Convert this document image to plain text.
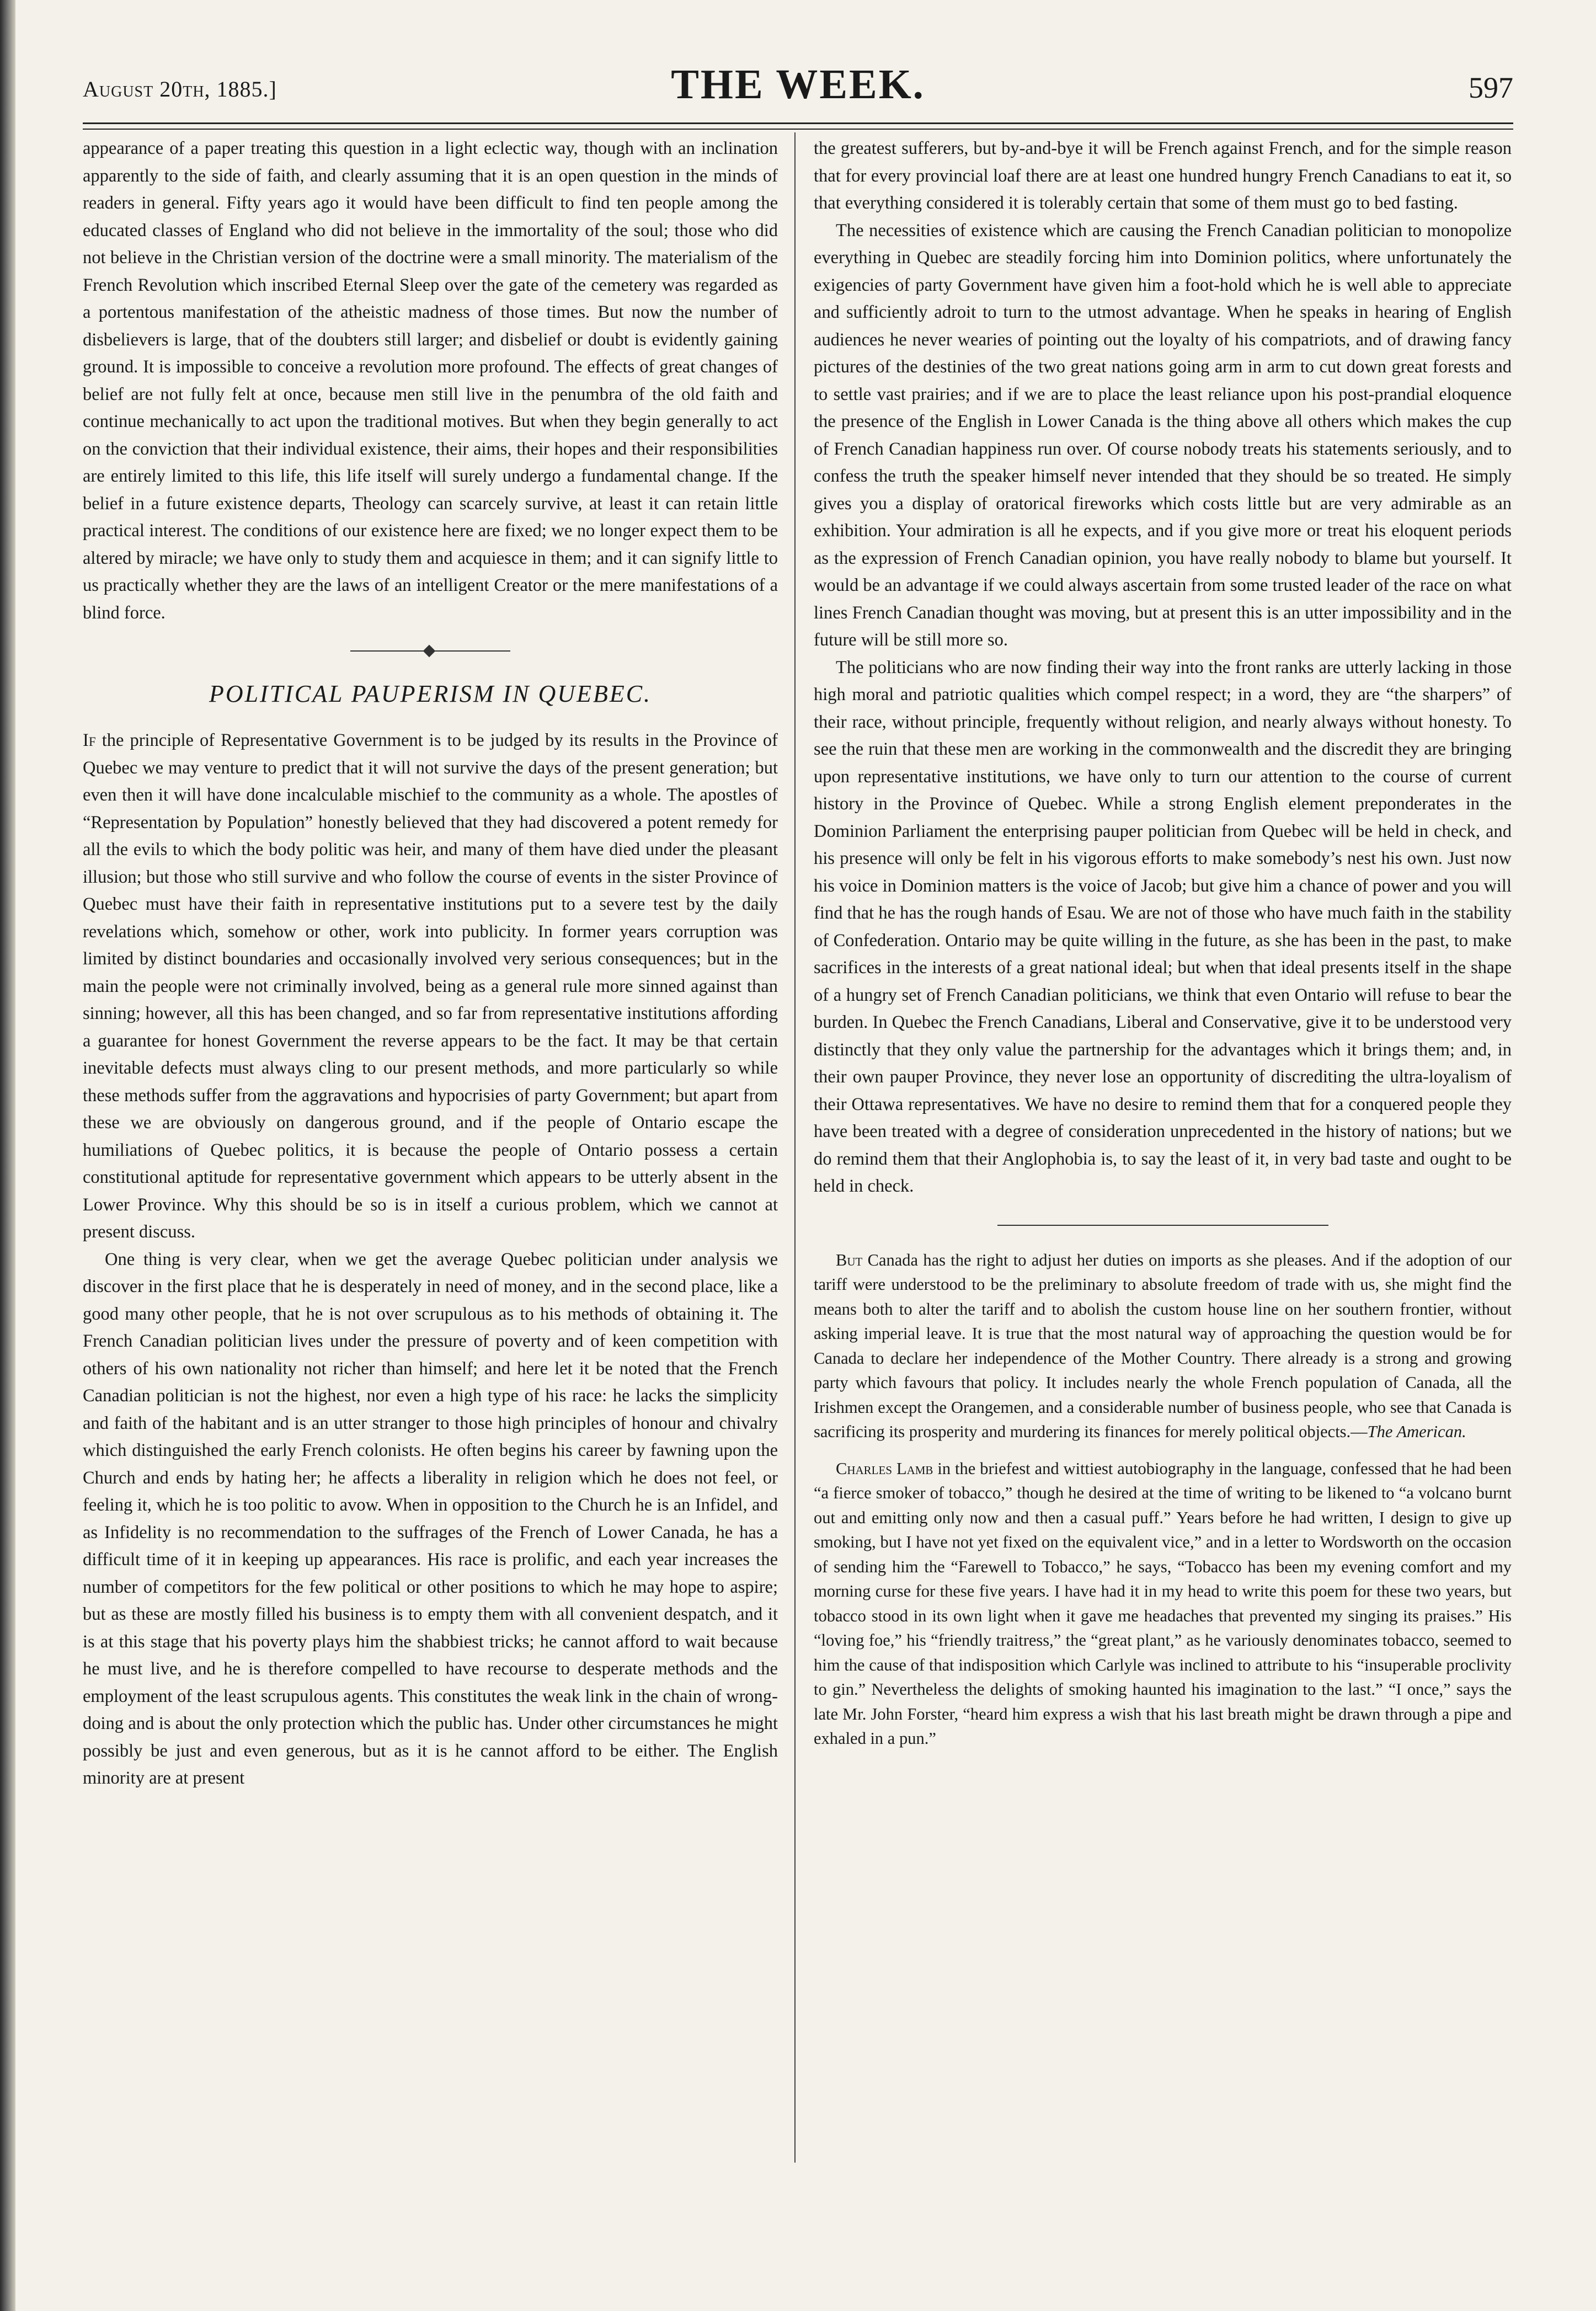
August 20th, 1885.]	THE WEEK.	597

appearance of a paper treating this question in a light eclectic way, though with an inclination apparently to the side of faith, and clearly assuming that it is an open question in the minds of readers in general. Fifty years ago it would have been difficult to find ten people among the educated classes of England who did not believe in the immortality of the soul; those who did not believe in the Christian version of the doctrine were a small minority. The materialism of the French Revolution which inscribed Eternal Sleep over the gate of the cemetery was regarded as a portentous manifestation of the atheistic madness of those times. But now the number of disbelievers is large, that of the doubters still larger; and disbelief or doubt is evidently gaining ground. It is impossible to conceive a revolution more profound. The effects of great changes of belief are not fully felt at once, because men still live in the penumbra of the old faith and continue mechanically to act upon the traditional motives. But when they begin generally to act on the conviction that their individual existence, their aims, their hopes and their responsibilities are entirely limited to this life, this life itself will surely undergo a fundamental change. If the belief in a future existence departs, Theology can scarcely survive, at least it can retain little practical interest. The conditions of our existence here are fixed; we no longer expect them to be altered by miracle; we have only to study them and acquiesce in them; and it can signify little to us practically whether they are the laws of an intelligent Creator or the mere manifestations of a blind force.

POLITICAL PAUPERISM IN QUEBEC.

If the principle of Representative Government is to be judged by its results in the Province of Quebec we may venture to predict that it will not survive the days of the present generation; but even then it will have done incalculable mischief to the community as a whole. The apostles of “Representation by Population” honestly believed that they had discovered a potent remedy for all the evils to which the body politic was heir, and many of them have died under the pleasant illusion; but those who still survive and who follow the course of events in the sister Province of Quebec must have their faith in representative institutions put to a severe test by the daily revelations which, somehow or other, work into publicity. In former years corruption was limited by distinct boundaries and occasionally involved very serious consequences; but in the main the people were not criminally involved, being as a general rule more sinned against than sinning; however, all this has been changed, and so far from representative institutions affording a guarantee for honest Government the reverse appears to be the fact. It may be that certain inevitable defects must always cling to our present methods, and more particularly so while these methods suffer from the aggravations and hypocrisies of party Government; but apart from these we are obviously on dangerous ground, and if the people of Ontario escape the humiliations of Quebec politics, it is because the people of Ontario possess a certain constitutional aptitude for representative government which appears to be utterly absent in the Lower Province. Why this should be so is in itself a curious problem, which we cannot at present discuss.

One thing is very clear, when we get the average Quebec politician under analysis we discover in the first place that he is desperately in need of money, and in the second place, like a good many other people, that he is not over scrupulous as to his methods of obtaining it. The French Canadian politician lives under the pressure of poverty and of keen competition with others of his own nationality not richer than himself; and here let it be noted that the French Canadian politician is not the highest, nor even a high type of his race: he lacks the simplicity and faith of the habitant and is an utter stranger to those high principles of honour and chivalry which distinguished the early French colonists. He often begins his career by fawning upon the Church and ends by hating her; he affects a liberality in religion which he does not feel, or feeling it, which he is too politic to avow. When in opposition to the Church he is an Infidel, and as Infidelity is no recommendation to the suffrages of the French of Lower Canada, he has a difficult time of it in keeping up appearances. His race is prolific, and each year increases the number of competitors for the few political or other positions to which he may hope to aspire; but as these are mostly filled his business is to empty them with all convenient despatch, and it is at this stage that his poverty plays him the shabbiest tricks; he cannot afford to wait because he must live, and he is therefore compelled to have recourse to desperate methods and the employment of the least scrupulous agents. This constitutes the weak link in the chain of wrong-doing and is about the only protection which the public has. Under other circumstances he might possibly be just and even generous, but as it is he cannot afford to be either. The English minority are at present

the greatest sufferers, but by-and-bye it will be French against French, and for the simple reason that for every provincial loaf there are at least one hundred hungry French Canadians to eat it, so that everything considered it is tolerably certain that some of them must go to bed fasting.

The necessities of existence which are causing the French Canadian politician to monopolize everything in Quebec are steadily forcing him into Dominion politics, where unfortunately the exigencies of party Government have given him a foot-hold which he is well able to appreciate and sufficiently adroit to turn to the utmost advantage. When he speaks in hearing of English audiences he never wearies of pointing out the loyalty of his compatriots, and of drawing fancy pictures of the destinies of the two great nations going arm in arm to cut down great forests and to settle vast prairies; and if we are to place the least reliance upon his post-prandial eloquence the presence of the English in Lower Canada is the thing above all others which makes the cup of French Canadian happiness run over. Of course nobody treats his statements seriously, and to confess the truth the speaker himself never intended that they should be so treated. He simply gives you a display of oratorical fireworks which costs little but are very admirable as an exhibition. Your admiration is all he expects, and if you give more or treat his eloquent periods as the expression of French Canadian opinion, you have really nobody to blame but yourself. It would be an advantage if we could always ascertain from some trusted leader of the race on what lines French Canadian thought was moving, but at present this is an utter impossibility and in the future will be still more so.

The politicians who are now finding their way into the front ranks are utterly lacking in those high moral and patriotic qualities which compel respect; in a word, they are “the sharpers” of their race, without principle, frequently without religion, and nearly always without honesty. To see the ruin that these men are working in the commonwealth and the discredit they are bringing upon representative institutions, we have only to turn our attention to the course of current history in the Province of Quebec. While a strong English element preponderates in the Dominion Parliament the enterprising pauper politician from Quebec will be held in check, and his presence will only be felt in his vigorous efforts to make somebody’s nest his own. Just now his voice in Dominion matters is the voice of Jacob; but give him a chance of power and you will find that he has the rough hands of Esau. We are not of those who have much faith in the stability of Confederation. Ontario may be quite willing in the future, as she has been in the past, to make sacrifices in the interests of a great national ideal; but when that ideal presents itself in the shape of a hungry set of French Canadian politicians, we think that even Ontario will refuse to bear the burden. In Quebec the French Canadians, Liberal and Conservative, give it to be understood very distinctly that they only value the partnership for the advantages which it brings them; and, in their own pauper Province, they never lose an opportunity of discrediting the ultra-loyalism of their Ottawa representatives. We have no desire to remind them that for a conquered people they have been treated with a degree of consideration unprecedented in the history of nations; but we do remind them that their Anglophobia is, to say the least of it, in very bad taste and ought to be held in check.

But Canada has the right to adjust her duties on imports as she pleases. And if the adoption of our tariff were understood to be the preliminary to absolute freedom of trade with us, she might find the means both to alter the tariff and to abolish the custom house line on her southern frontier, without asking imperial leave. It is true that the most natural way of approaching the question would be for Canada to declare her independence of the Mother Country. There already is a strong and growing party which favours that policy. It includes nearly the whole French population of Canada, all the Irishmen except the Orangemen, and a considerable number of business people, who see that Canada is sacrificing its prosperity and murdering its finances for merely political objects.—The American.

Charles Lamb in the briefest and wittiest autobiography in the language, confessed that he had been “a fierce smoker of tobacco,” though he desired at the time of writing to be likened to “a volcano burnt out and emitting only now and then a casual puff.” Years before he had written, I design to give up smoking, but I have not yet fixed on the equivalent vice,” and in a letter to Wordsworth on the occasion of sending him the “Farewell to Tobacco,” he says, “Tobacco has been my evening comfort and my morning curse for these five years. I have had it in my head to write this poem for these two years, but tobacco stood in its own light when it gave me headaches that prevented my singing its praises.” His “loving foe,” his “friendly traitress,” the “great plant,” as he variously denominates tobacco, seemed to him the cause of that indisposition which Carlyle was inclined to attribute to his “insuperable proclivity to gin.” Nevertheless the delights of smoking haunted his imagination to the last.” “I once,” says the late Mr. John Forster, “heard him express a wish that his last breath might be drawn through a pipe and exhaled in a pun.”
